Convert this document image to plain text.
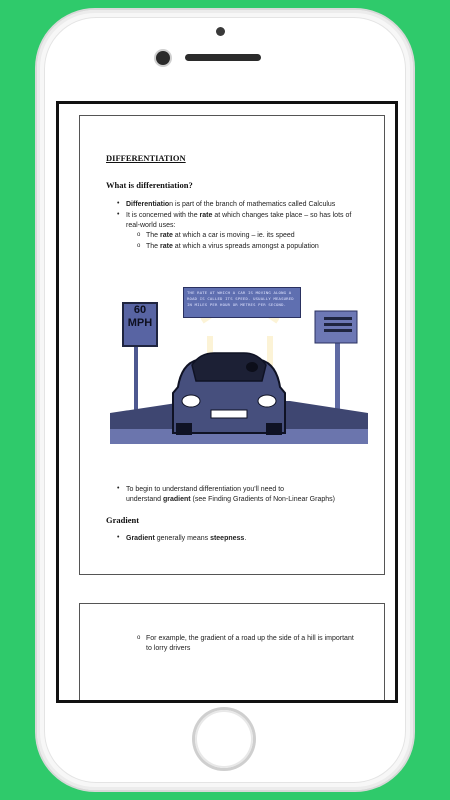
DIFFERENTIATION
What is differentiation?
• Differentiation is part of the branch of mathematics called Calculus
• It is concerned with the rate at which changes take place – so has lots of
real-world uses:
o The rate at which a car is moving – ie. its speed
o The rate at which a virus spreads amongst a population
60
MPH
THE RATE AT WHICH A CAR IS MOVING ALONG A ROAD IS CALLED ITS SPEED. USUALLY MEASURED IN MILES PER HOUR OR METRES PER SECOND.
• To begin to understand differentiation you'll need to
understand gradient (see Finding Gradients of Non-Linear Graphs)
Gradient
• Gradient generally means steepness.
o For example, the gradient of a road up the side of a hill is important
to lorry drivers
